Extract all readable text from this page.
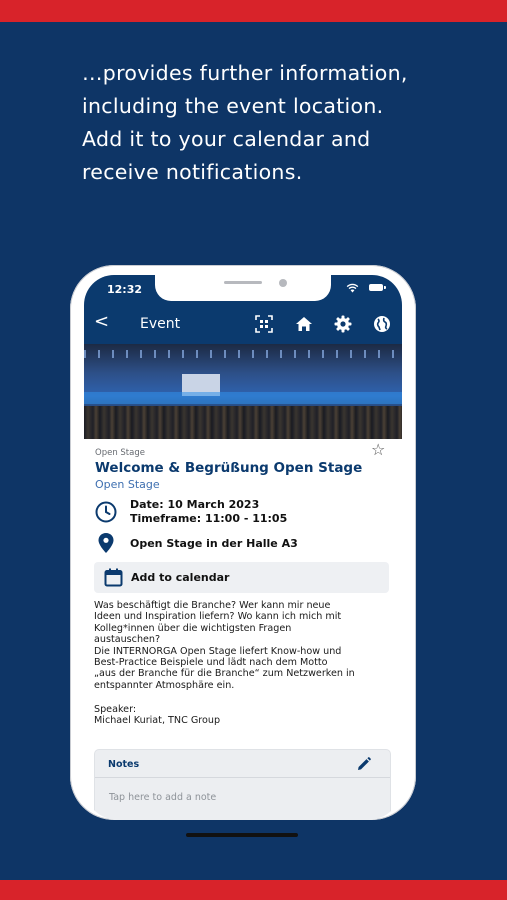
…provides further information,
including the event location.
Add it to your calendar and
receive notifications.
12:32
< Event
Open Stage	☆
Welcome & Begrüßung Open Stage
Open Stage
Date: 10 March 2023
Timeframe: 11:00 - 11:05
Open Stage in der Halle A3
Add to calendar

Was beschäftigt die Branche? Wer kann mir neue

Ideen und Inspiration liefern? Wo kann ich mich mit

Kolleg*innen über die wichtigsten Fragen

austauschen?

Die INTERNORGA Open Stage liefert Know-how und

Best-Practice Beispiele und lädt nach dem Motto

„aus der Branche für die Branche“ zum Netzwerken in

entspannter Atmosphäre ein.

Speaker:
Michael Kuriat, TNC Group
Notes
Tap here to add a note
